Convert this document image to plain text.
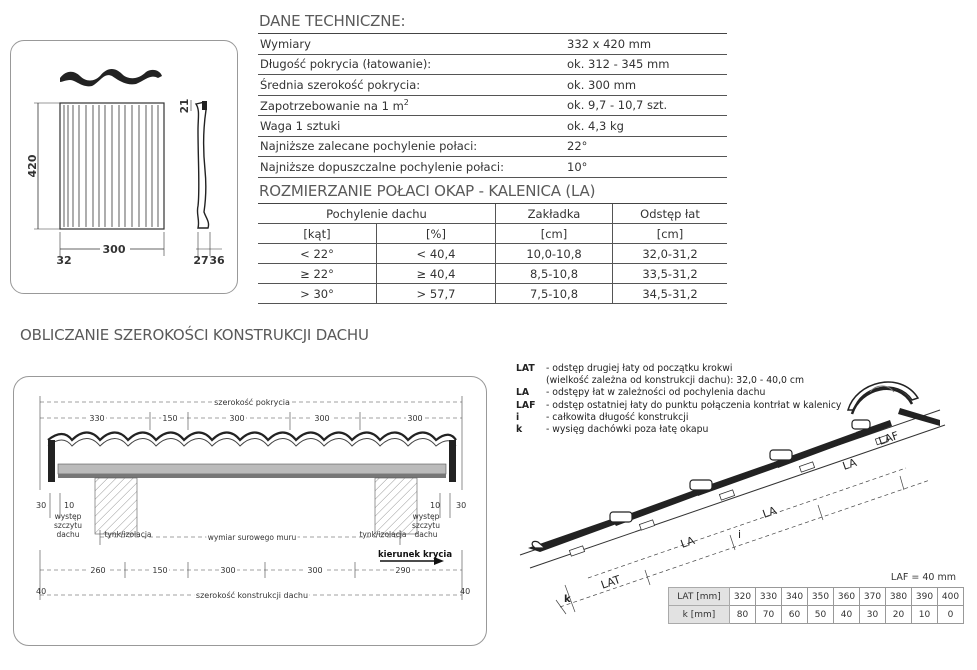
420
300
32
21
27 36
DANE TECHNICZNE:
Wymiary	332 x 420 mm
Długość pokrycia (łatowanie):	ok. 312 - 345 mm
Średnia szerokość pokrycia:	ok. 300 mm
Zapotrzebowanie na 1 $m^2$	ok. 9,7 - 10,7 szt.
Waga 1 sztuki	ok. 4,3 kg
Najniższe zalecane pochylenie połaci:	22°
Najniższe dopuszczalne pochylenie połaci:	10°
ROZMIERZANIE POŁACI OKAP - KALENICA (LA)
Pochylenie dachu		Zakładka	Odstęp łat
[kąt]	[%]	[cm]	[cm]
< 22°	< 40,4	10,0-10,8	32,0-31,2
≥ 22°	≥ 40,4	8,5-10,8	33,5-31,2
> 30°	> 57,7	7,5-10,8	34,5-31,2
OBLICZANIE SZEROKOŚCI KONSTRUKCJI DACHU
szerokość pokrycia
330	150	300	300	300
30 10	30
10
występ
szczytu
dachu
występ
szczytu
dachu
tynk/izolacja	tynk/izolacja
wymiar surowego muru
kierunek krycia
260	150	300	300	290
40	40
szerokość konstrukcji dachu
LAT	- odstęp drugiej łaty od początku krokwi
(wielkość zależna od konstrukcji dachu): 32,0 - 40,0 cm
LA	- odstępy łat w zależności od pochylenia dachu
LAF	- odstęp ostatniej łaty do punktu połączenia kontrłat w kalenicy
i	- całkowita długość konstrukcji
k	- wysięg dachówki poza łatę okapu
LAT
LA
LA
LA
LAF
i
k
LAF = 40 mm
LAT [mm]	320	330	340	350	360	370	380	390	400
k [mm]	80	70	60	50	40	30	20	10	0
